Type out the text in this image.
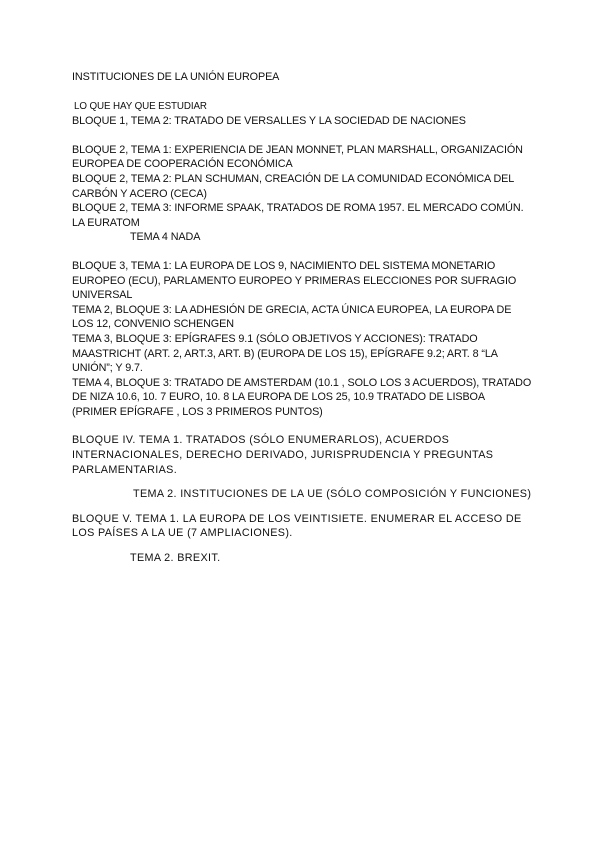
INSTITUCIONES DE LA UNIÓN EUROPEA

LO QUE HAY QUE ESTUDIAR

BLOQUE 1, TEMA 2: TRATADO DE VERSALLES Y LA SOCIEDAD DE NACIONES

BLOQUE 2, TEMA 1: EXPERIENCIA DE JEAN MONNET, PLAN MARSHALL, ORGANIZACIÓN EUROPEA DE COOPERACIÓN ECONÓMICA

BLOQUE 2, TEMA 2: PLAN SCHUMAN, CREACIÓN DE LA COMUNIDAD ECONÓMICA DEL CARBÓN Y ACERO (CECA)

BLOQUE 2, TEMA 3: INFORME SPAAK, TRATADOS DE ROMA 1957. EL MERCADO COMÚN. LA EURATOM

TEMA 4 NADA

BLOQUE 3, TEMA 1: LA EUROPA DE LOS 9, NACIMIENTO DEL SISTEMA MONETARIO EUROPEO (ECU), PARLAMENTO EUROPEO Y PRIMERAS ELECCIONES POR SUFRAGIO UNIVERSAL

TEMA 2, BLOQUE 3: LA ADHESIÓN DE GRECIA, ACTA ÚNICA EUROPEA, LA EUROPA DE LOS 12, CONVENIO SCHENGEN

TEMA 3, BLOQUE 3: EPÍGRAFES 9.1 (SÓLO OBJETIVOS Y ACCIONES): TRATADO MAASTRICHT (ART. 2, ART.3, ART. B) (EUROPA DE LOS 15), EPÍGRAFE 9.2; ART. 8 “LA UNIÓN”; Y 9.7.

TEMA 4, BLOQUE 3: TRATADO DE AMSTERDAM (10.1 , SOLO LOS 3 ACUERDOS), TRATADO DE NIZA 10.6, 10. 7 EURO, 10. 8 LA EUROPA DE LOS 25, 10.9 TRATADO DE LISBOA (PRIMER EPÍGRAFE , LOS 3 PRIMEROS PUNTOS)

BLOQUE IV. TEMA 1. TRATADOS (SÓLO ENUMERARLOS), ACUERDOS INTERNACIONALES, DERECHO DERIVADO, JURISPRUDENCIA Y PREGUNTAS PARLAMENTARIAS.

TEMA 2. INSTITUCIONES DE LA UE (SÓLO COMPOSICIÓN Y FUNCIONES)

BLOQUE V. TEMA 1. LA EUROPA DE LOS VEINTISIETE. ENUMERAR EL ACCESO DE LOS PAÍSES A LA UE (7 AMPLIACIONES).

TEMA 2. BREXIT.
